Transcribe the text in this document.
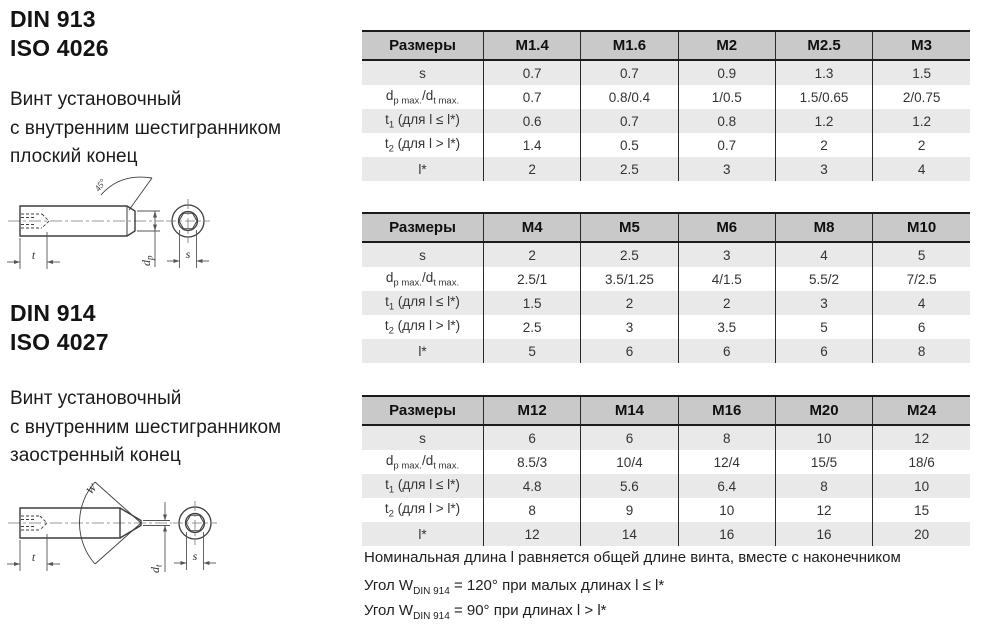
DIN 913
ISO 4026
Винт установочный
с внутренним шестигранником
плоский конец
45°
t
$d_p$	s
DIN 914
ISO 4027
Винт установочный
с внутренним шестигранником
заостренный конец
W
t
$d_t$
s
Размеры	M1.4	M1.6	M2	M2.5	M3
s	0.7	0.7	0.9	1.3	1.5
$d_{p max.}/d_{t max.}$	0.7	0.8/0.4	1/0.5	1.5/0.65	2/0.75
$t_1$ (для l ≤ l*)	0.6	0.7	0.8	1.2	1.2
$t_2$ (для l > l*)	1.4	0.5	0.7	2	2
l*	2	2.5	3	3	4
Размеры	M4	M5	M6	M8	M10
s	2	2.5	3	4	5
$d_{p max.}/d_{t max.}$	2.5/1	3.5/1.25	4/1.5	5.5/2	7/2.5
$t_1$ (для l ≤ l*)	1.5	2	2	3	4
$t_2$ (для l > l*)	2.5	3	3.5	5	6
l*	5	6	6	6	8
Размеры	M12	M14	M16	M20	M24
s	6	6	8	10	12
$d_{p max.}/d_{t max.}$	8.5/3	10/4	12/4	15/5	18/6
$t_1$ (для l ≤ l*)	4.8	5.6	6.4	8	10
$t_2$ (для l > l*)	8	9	10	12	15
l*	12	14	16	16	20
Номинальная длина l равняется общей длине винта, вместе с наконечником
Угол $W_{DIN 914} = 120^\circ$ при малых длинах l ≤ l*
Угол $W_{DIN 914} = 90^\circ$ при длинах l > l*
